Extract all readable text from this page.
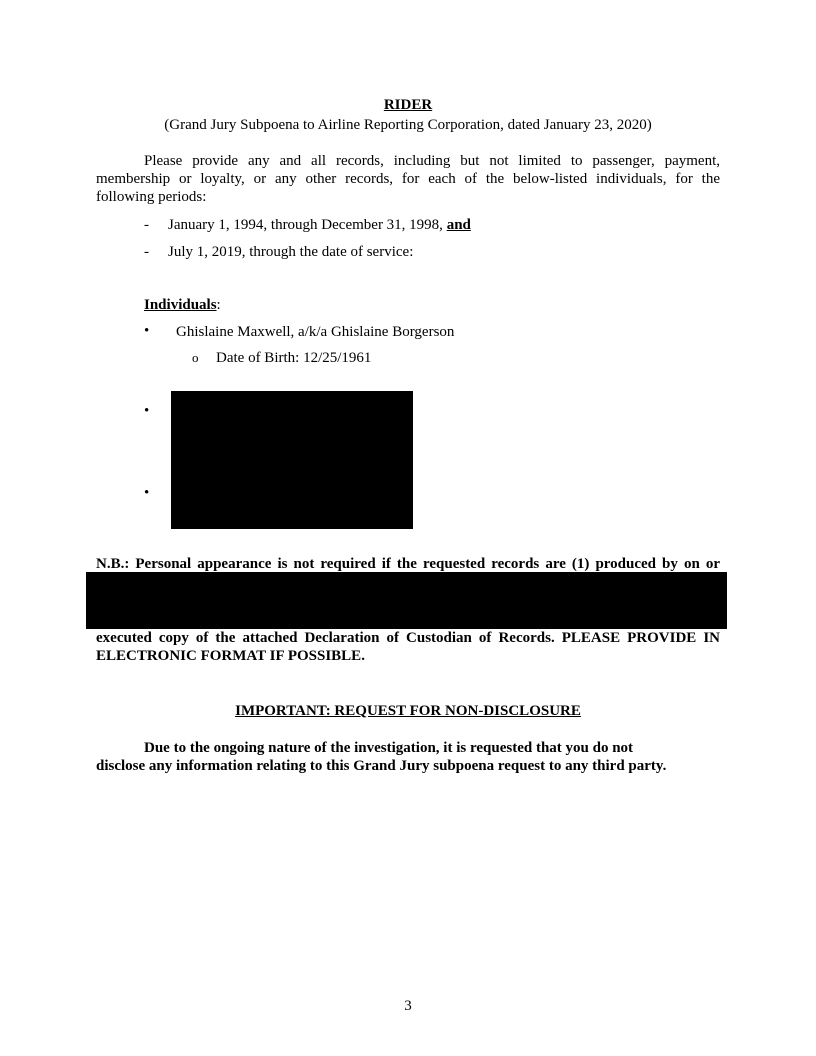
RIDER
(Grand Jury Subpoena to Airline Reporting Corporation, dated January 23, 2020)
Please provide any and all records, including but not limited to passenger, payment,
membership or loyalty, or any other records, for each of the below-listed individuals, for the
following periods:
- January 1, 1994, through December 31, 1998, and
- July 1, 2019, through the date of service:
Individuals:
• Ghislaine Maxwell, a/k/a Ghislaine Borgerson
o Date of Birth: 12/25/1961
•
•
N.B.: Personal appearance is not required if the requested records are (1) produced by on or
executed copy of the attached Declaration of Custodian of Records. PLEASE PROVIDE IN
ELECTRONIC FORMAT IF POSSIBLE.
IMPORTANT: REQUEST FOR NON-DISCLOSURE
Due to the ongoing nature of the investigation, it is requested that you do not
disclose any information relating to this Grand Jury subpoena request to any third party.
3
